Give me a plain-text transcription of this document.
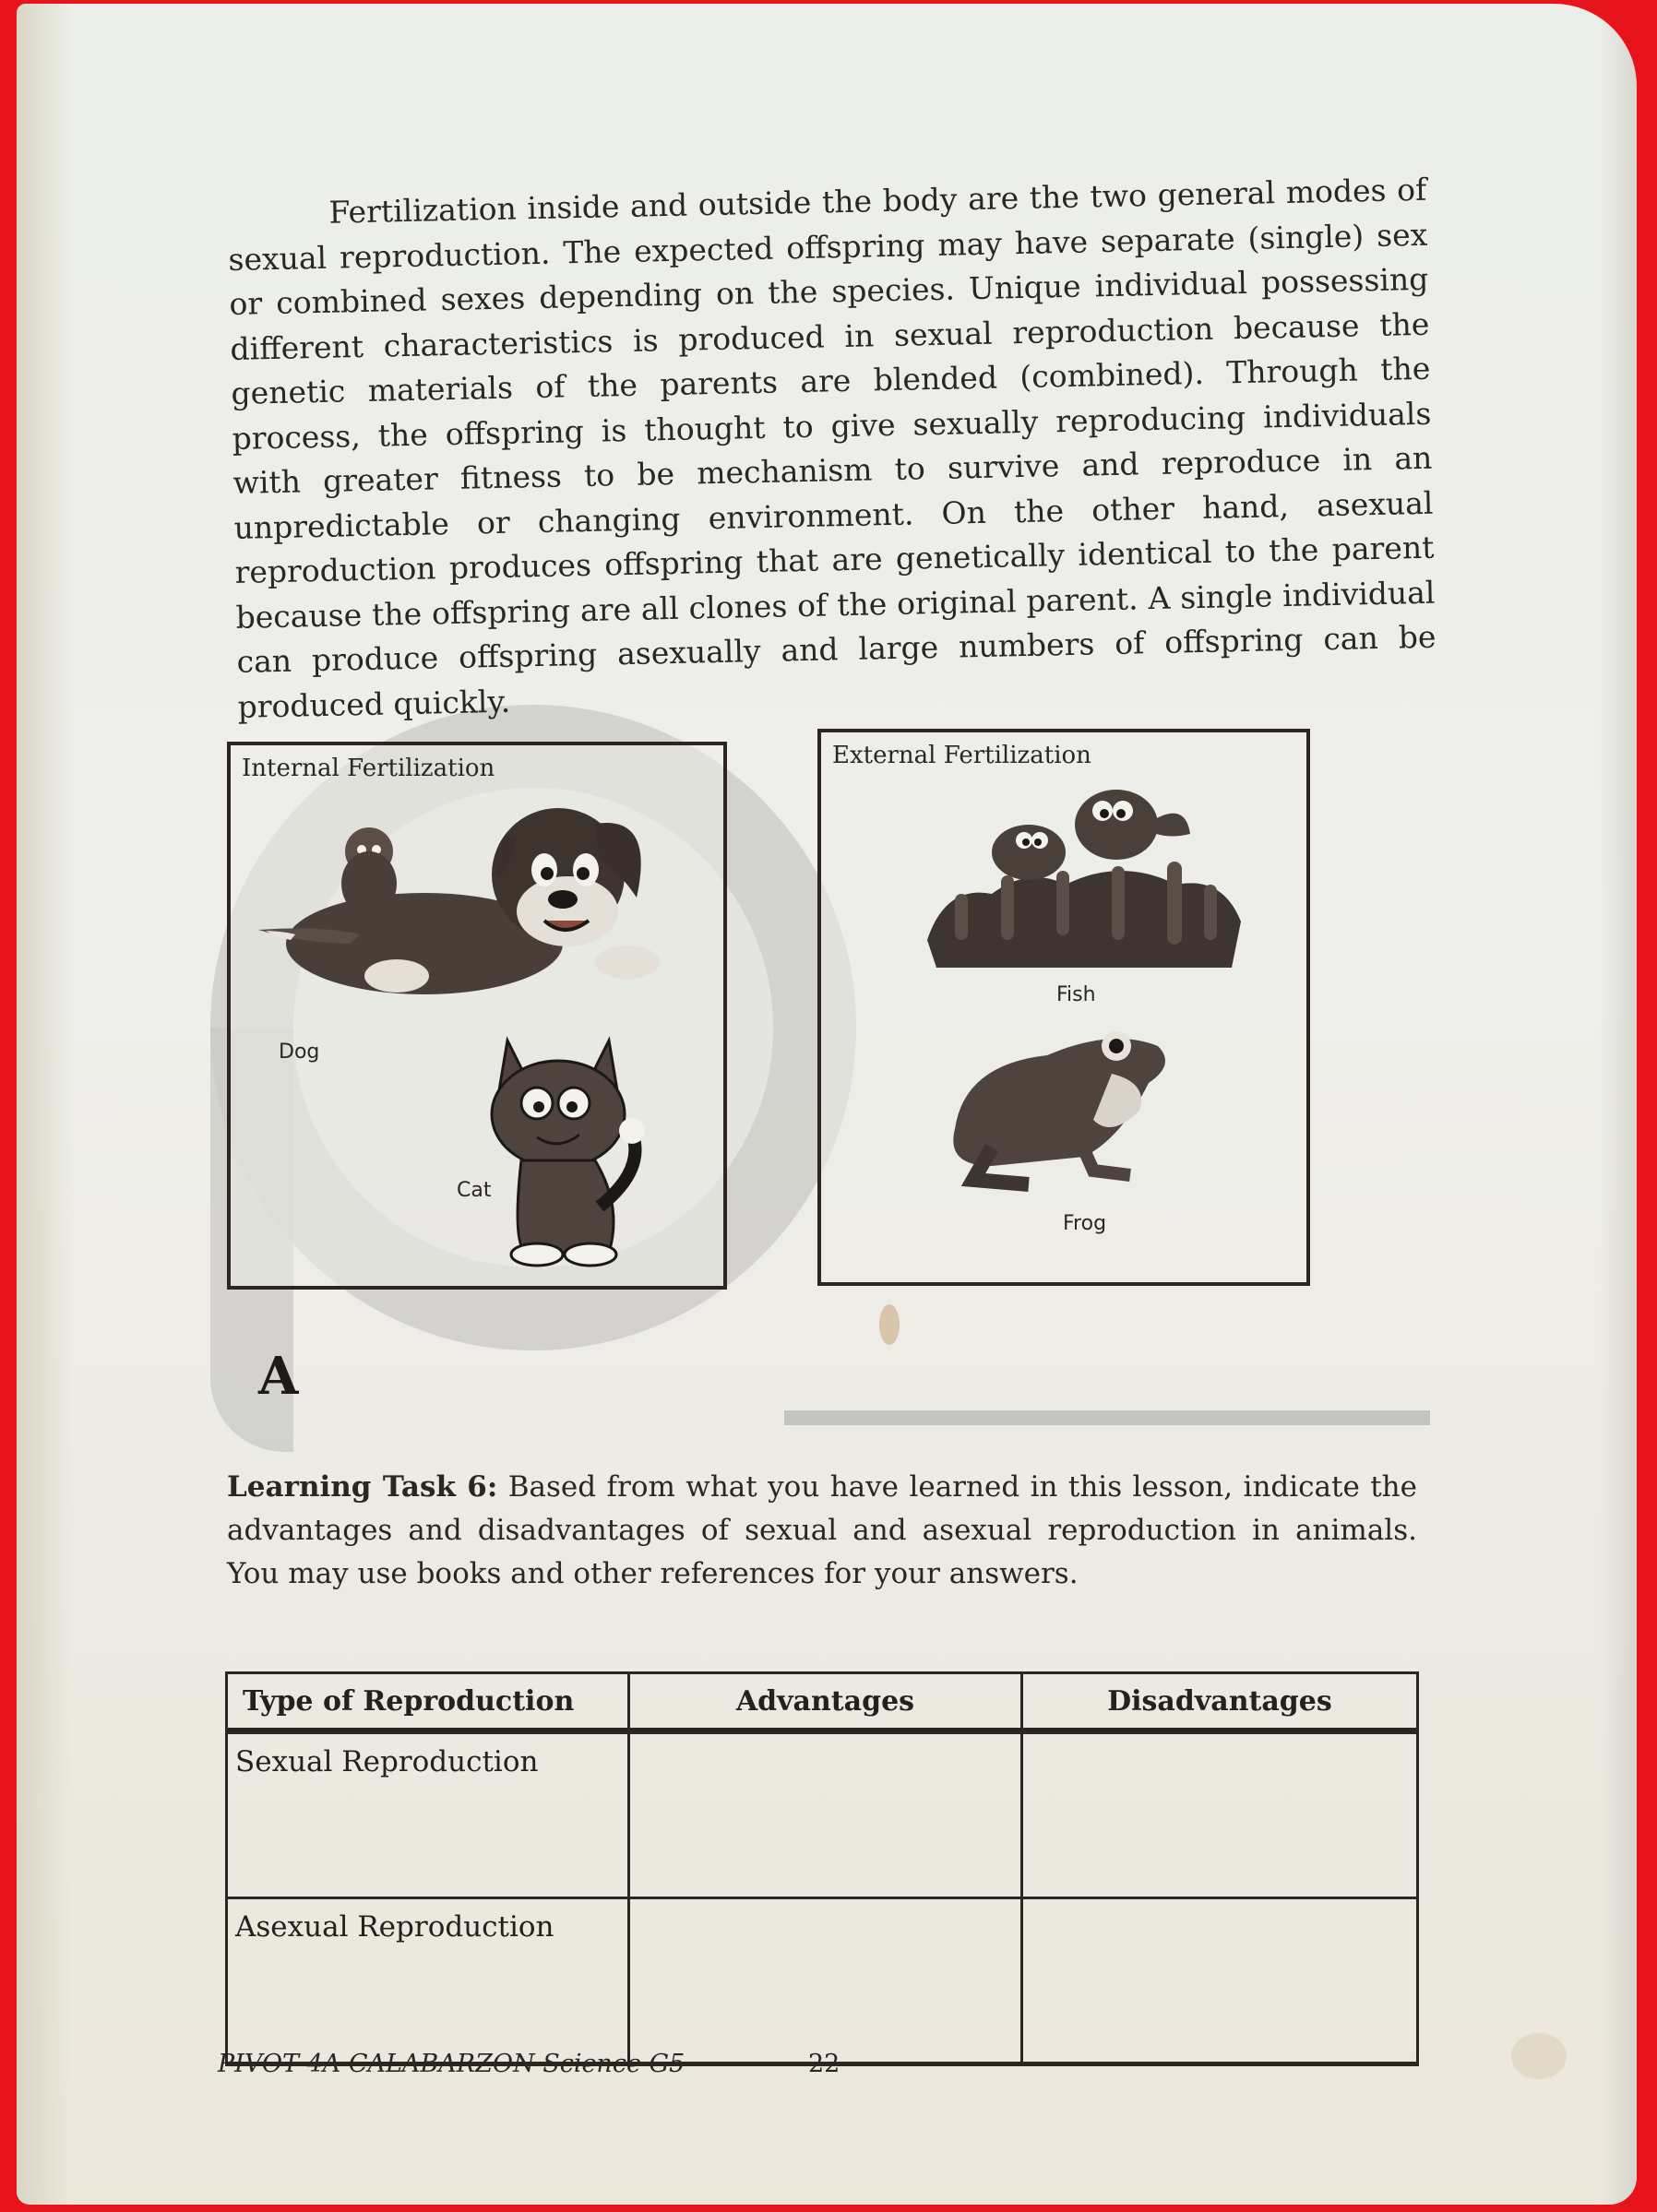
Fertilization inside and outside the body are the two general modes of sexual reproduction. The expected offspring may have separate (single) sex or combined sexes depending on the species. Unique individual possessing different characteristics is produced in sexual reproduction because the genetic materials of the parents are blended (combined). Through the process, the offspring is thought to give sexually reproducing individuals with greater fitness to be mechanism to survive and reproduce in an unpredictable or changing environment. On the other hand, asexual reproduction produces offspring that are genetically identical to the parent because the offspring are all clones of the original parent. A single individual can produce offspring asexually and large numbers of offspring can be produced quickly.

Internal Fertilization
Dog
Cat
External Fertilization
Fish
Frog
A
Learning Task 6: Based from what you have learned in this lesson, indicate the advantages and disadvantages of sexual and asexual reproduction in animals. You may use books and other references for your answers.
Type of Reproduction	Advantages	Disadvantages
Sexual Reproduction		
Asexual Reproduction		
PIVOT 4A CALABARZON Science G5	22
